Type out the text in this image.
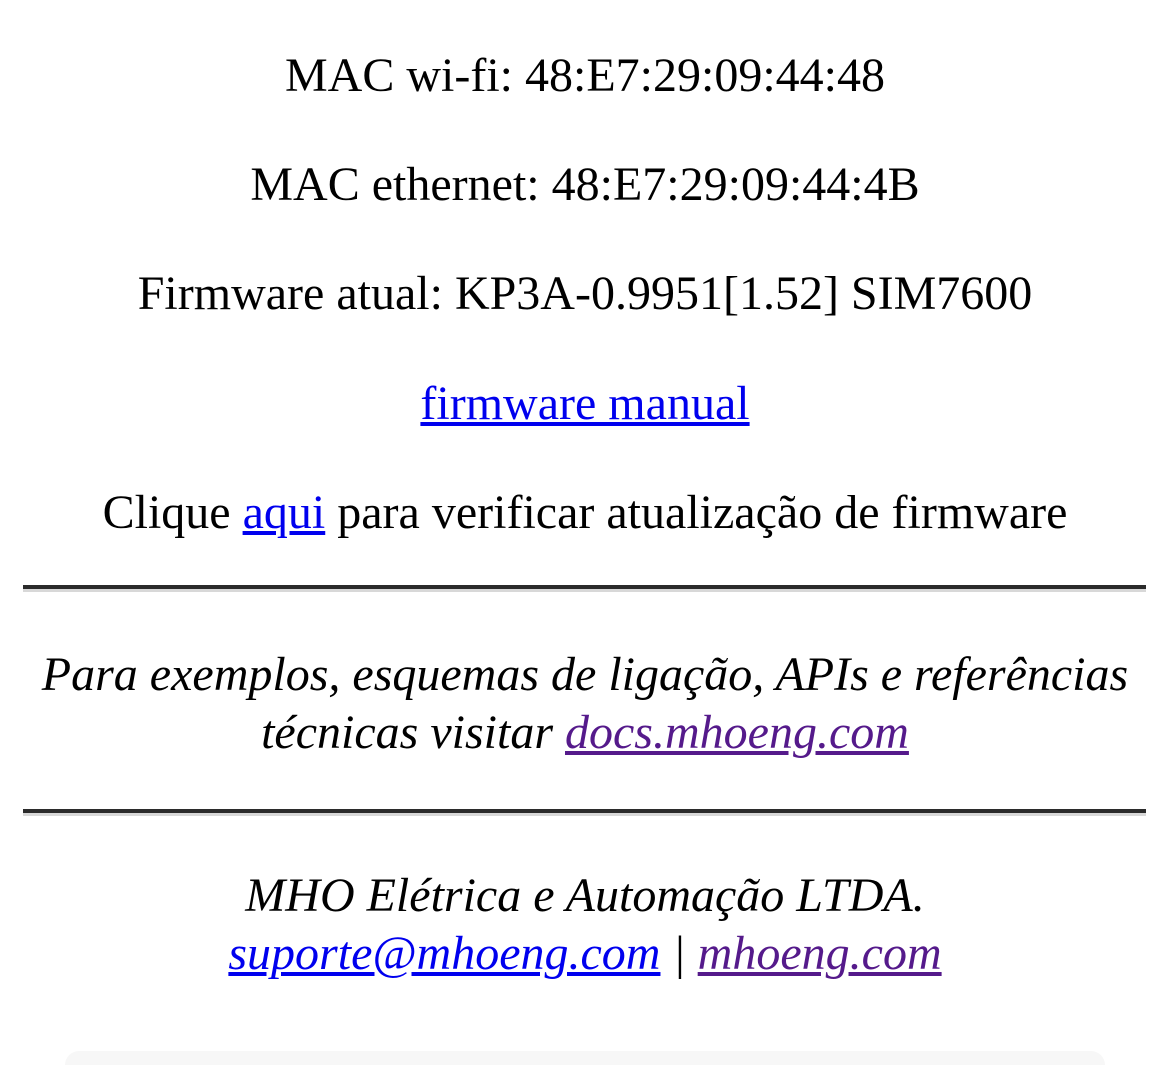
MAC wi-fi: 48:E7:29:09:44:48

MAC ethernet: 48:E7:29:09:44:4B

Firmware atual: KP3A-0.9951[1.52] SIM7600

firmware manual

Clique aqui para verificar atualização de firmware

Para exemplos, esquemas de ligação, APIs e referências técnicas visitar docs.mhoeng.com

MHO Elétrica e Automação LTDA.
suporte@mhoeng.com | mhoeng.com
